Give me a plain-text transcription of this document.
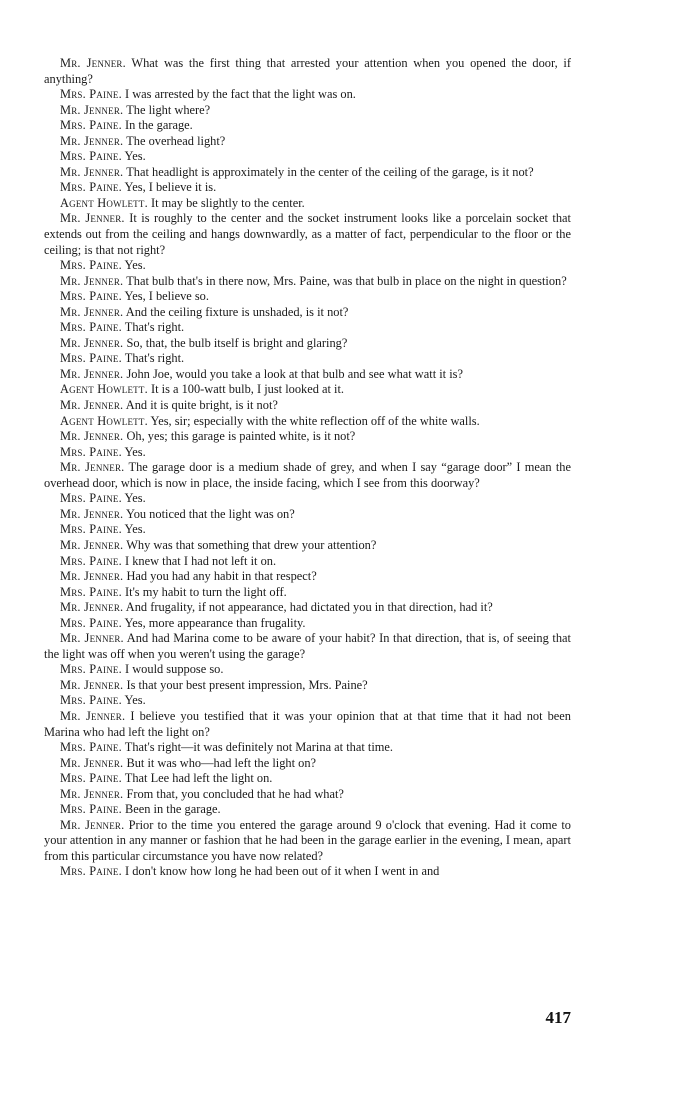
Mr. Jenner. What was the first thing that arrested your attention when you opened the door, if anything?

Mrs. Paine. I was arrested by the fact that the light was on.

Mr. Jenner. The light where?

Mrs. Paine. In the garage.

Mr. Jenner. The overhead light?

Mrs. Paine. Yes.

Mr. Jenner. That headlight is approximately in the center of the ceiling of the garage, is it not?

Mrs. Paine. Yes, I believe it is.

Agent Howlett. It may be slightly to the center.

Mr. Jenner. It is roughly to the center and the socket instrument looks like a porcelain socket that extends out from the ceiling and hangs downwardly, as a matter of fact, perpendicular to the floor or the ceiling; is that not right?

Mrs. Paine. Yes.

Mr. Jenner. That bulb that's in there now, Mrs. Paine, was that bulb in place on the night in question?

Mrs. Paine. Yes, I believe so.

Mr. Jenner. And the ceiling fixture is unshaded, is it not?

Mrs. Paine. That's right.

Mr. Jenner. So, that, the bulb itself is bright and glaring?

Mrs. Paine. That's right.

Mr. Jenner. John Joe, would you take a look at that bulb and see what watt it is?

Agent Howlett. It is a 100-watt bulb, I just looked at it.

Mr. Jenner. And it is quite bright, is it not?

Agent Howlett. Yes, sir; especially with the white reflection off of the white walls.

Mr. Jenner. Oh, yes; this garage is painted white, is it not?

Mrs. Paine. Yes.

Mr. Jenner. The garage door is a medium shade of grey, and when I say “garage door” I mean the overhead door, which is now in place, the inside facing, which I see from this doorway?

Mrs. Paine. Yes.

Mr. Jenner. You noticed that the light was on?

Mrs. Paine. Yes.

Mr. Jenner. Why was that something that drew your attention?

Mrs. Paine. I knew that I had not left it on.

Mr. Jenner. Had you had any habit in that respect?

Mrs. Paine. It's my habit to turn the light off.

Mr. Jenner. And frugality, if not appearance, had dictated you in that direction, had it?

Mrs. Paine. Yes, more appearance than frugality.

Mr. Jenner. And had Marina come to be aware of your habit? In that direction, that is, of seeing that the light was off when you weren't using the garage?

Mrs. Paine. I would suppose so.

Mr. Jenner. Is that your best present impression, Mrs. Paine?

Mrs. Paine. Yes.

Mr. Jenner. I believe you testified that it was your opinion that at that time that it had not been Marina who had left the light on?

Mrs. Paine. That's right—it was definitely not Marina at that time.

Mr. Jenner. But it was who—had left the light on?

Mrs. Paine. That Lee had left the light on.

Mr. Jenner. From that, you concluded that he had what?

Mrs. Paine. Been in the garage.

Mr. Jenner. Prior to the time you entered the garage around 9 o'clock that evening. Had it come to your attention in any manner or fashion that he had been in the garage earlier in the evening, I mean, apart from this particular circumstance you have now related?

Mrs. Paine. I don't know how long he had been out of it when I went in and

417
